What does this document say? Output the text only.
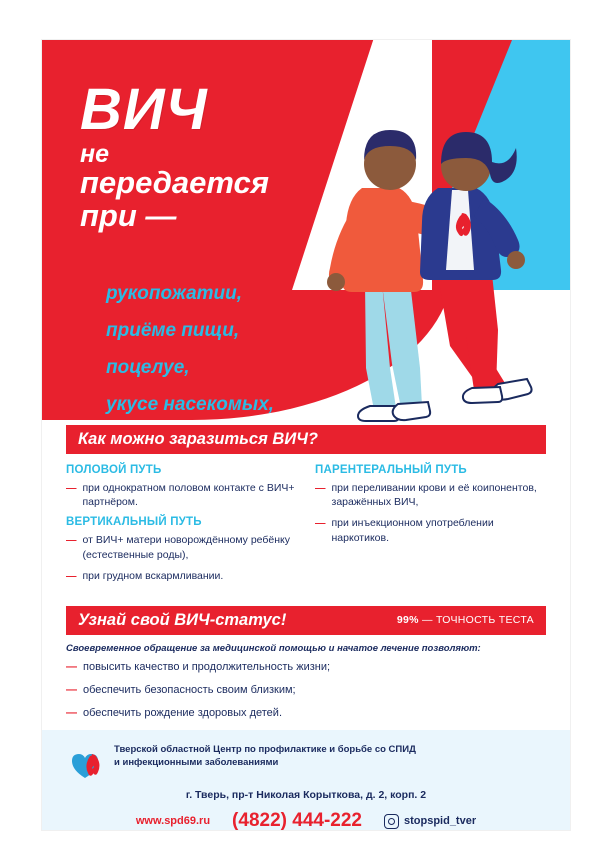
ВИЧ
не
передается
при —
— рукопожатии,
— приёме пищи,
— поцелуе,
— укусе насекомых,
Как можно заразиться ВИЧ?
ПОЛОВОЙ ПУТЬ
— при однократном половом контакте с ВИЧ+ партнёром.
ВЕРТИКАЛЬНЫЙ ПУТЬ
— от ВИЧ+ матери новорождённому ребёнку (естественные роды),
— при грудном вскармливании.
ПАРЕНТЕРАЛЬНЫЙ ПУТЬ
— при переливании крови и её коипонентов, заражённых ВИЧ,
— при инъекционном употреблении наркотиков.
Узнай свой ВИЧ-статус!	99% — ТОЧНОСТЬ ТЕСТА
Своевременное обращение за медицинской помощью и начатое лечение позволяют:
— повысить качество и продолжительность жизни;
— обеспечить безопасность своим близким;
— обеспечить рождение здоровых детей.
Тверской областной Центр по профилактике и борьбе со СПИД
и инфекционными заболеваниями
г. Тверь, пр-т Николая Корыткова, д. 2, корп. 2
www.spd69.ru (4822) 444-222	stopspid_tver
